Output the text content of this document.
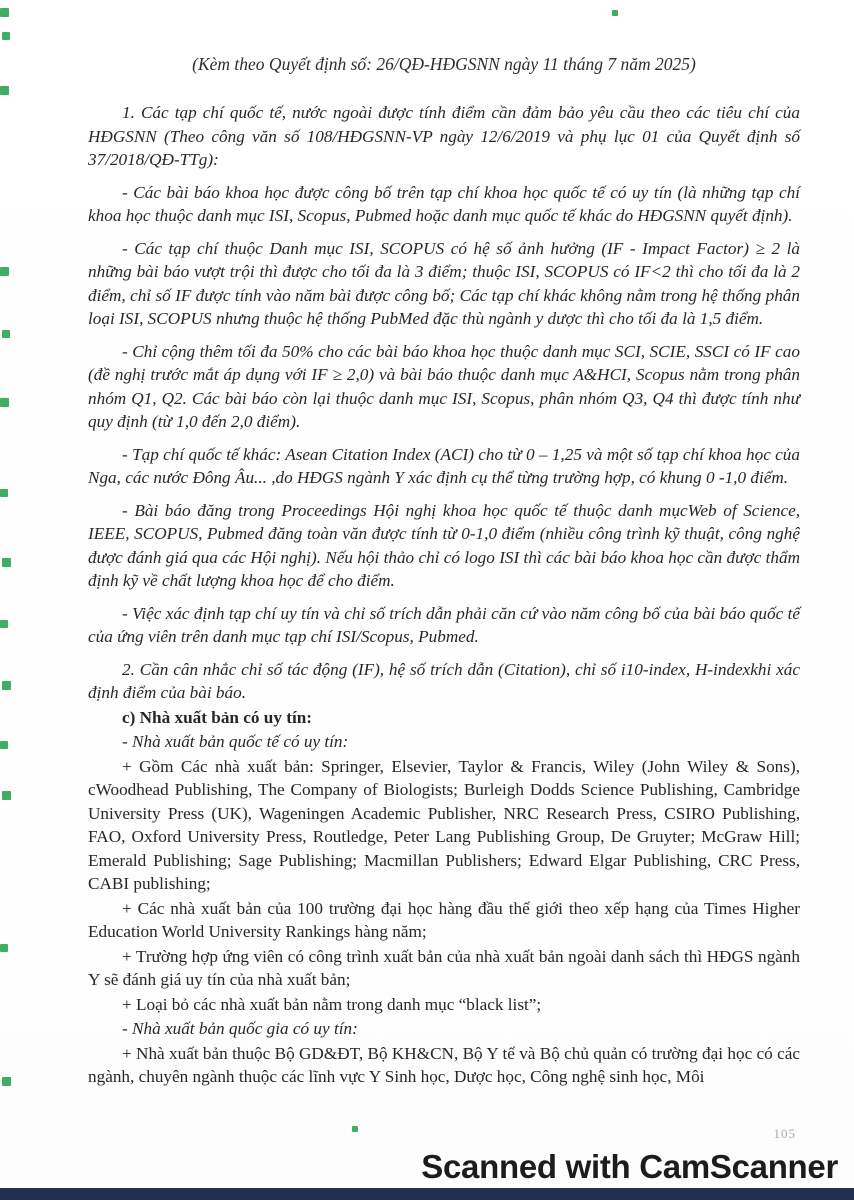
(Kèm theo Quyết định số: 26/QĐ-HĐGSNN ngày 11 tháng 7 năm 2025)

1. Các tạp chí quốc tế, nước ngoài được tính điểm cần đảm bảo yêu cầu theo các tiêu chí của HĐGSNN (Theo công văn số 108/HĐGSNN-VP ngày 12/6/2019 và phụ lục 01 của Quyết định số 37/2018/QĐ-TTg):

- Các bài báo khoa học được công bố trên tạp chí khoa học quốc tế có uy tín (là những tạp chí khoa học thuộc danh mục ISI, Scopus, Pubmed hoặc danh mục quốc tế khác do HĐGSNN quyết định).

- Các tạp chí thuộc Danh mục ISI, SCOPUS có hệ số ảnh hưởng (IF - Impact Factor) ≥ 2 là những bài báo vượt trội thì được cho tối đa là 3 điểm; thuộc ISI, SCOPUS có IF<2 thì cho tối đa là 2 điểm, chỉ số IF được tính vào năm bài được công bố; Các tạp chí khác không nằm trong hệ thống phân loại ISI, SCOPUS nhưng thuộc hệ thống PubMed đặc thù ngành y dược thì cho tối đa là 1,5 điểm.

- Chỉ cộng thêm tối đa 50% cho các bài báo khoa học thuộc danh mục SCI, SCIE, SSCI có IF cao (đề nghị trước mắt áp dụng với IF ≥ 2,0) và bài báo thuộc danh mục A&HCI, Scopus nằm trong phân nhóm Q1, Q2. Các bài báo còn lại thuộc danh mục ISI, Scopus, phân nhóm Q3, Q4 thì được tính như quy định (từ 1,0 đến 2,0 điểm).

- Tạp chí quốc tế khác: Asean Citation Index (ACI) cho từ 0 – 1,25 và một số tạp chí khoa học của Nga, các nước Đông Âu... ,do HĐGS ngành Y xác định cụ thể từng trường hợp, có khung 0 -1,0 điểm.

- Bài báo đăng trong Proceedings Hội nghị khoa học quốc tế thuộc danh mụcWeb of Science, IEEE, SCOPUS, Pubmed đăng toàn văn được tính từ 0-1,0 điểm (nhiều công trình kỹ thuật, công nghệ được đánh giá qua các Hội nghị). Nếu hội thảo chỉ có logo ISI thì các bài báo khoa học cần được thẩm định kỹ về chất lượng khoa học để cho điểm.

- Việc xác định tạp chí uy tín và chỉ số trích dẫn phải căn cứ vào năm công bố của bài báo quốc tế của ứng viên trên danh mục tạp chí ISI/Scopus, Pubmed.

2. Cần cân nhắc chỉ số tác động (IF), hệ số trích dẫn (Citation), chỉ số i10-index, H-indexkhi xác định điểm của bài báo.

c) Nhà xuất bản có uy tín:

- Nhà xuất bản quốc tế có uy tín:

+ Gồm Các nhà xuất bản: Springer, Elsevier, Taylor & Francis, Wiley (John Wiley & Sons), cWoodhead Publishing, The Company of Biologists; Burleigh Dodds Science Publishing, Cambridge University Press (UK), Wageningen Academic Publisher, NRC Research Press, CSIRO Publishing, FAO, Oxford University Press, Routledge, Peter Lang Publishing Group, De Gruyter; McGraw Hill; Emerald Publishing; Sage Publishing; Macmillan Publishers; Edward Elgar Publishing, CRC Press, CABI publishing;

+ Các nhà xuất bản của 100 trường đại học hàng đầu thế giới theo xếp hạng của Times Higher Education World University Rankings hàng năm;

+ Trường hợp ứng viên có công trình xuất bản của nhà xuất bản ngoài danh sách thì HĐGS ngành Y sẽ đánh giá uy tín của nhà xuất bản;

+ Loại bỏ các nhà xuất bản nằm trong danh mục “black list”;

- Nhà xuất bản quốc gia có uy tín:

+ Nhà xuất bản thuộc Bộ GD&ĐT, Bộ KH&CN, Bộ Y tế và Bộ chủ quản có trường đại học có các ngành, chuyên ngành thuộc các lĩnh vực Y Sinh học, Dược học, Công nghệ sinh học, Môi

105
Scanned with CamScanner
